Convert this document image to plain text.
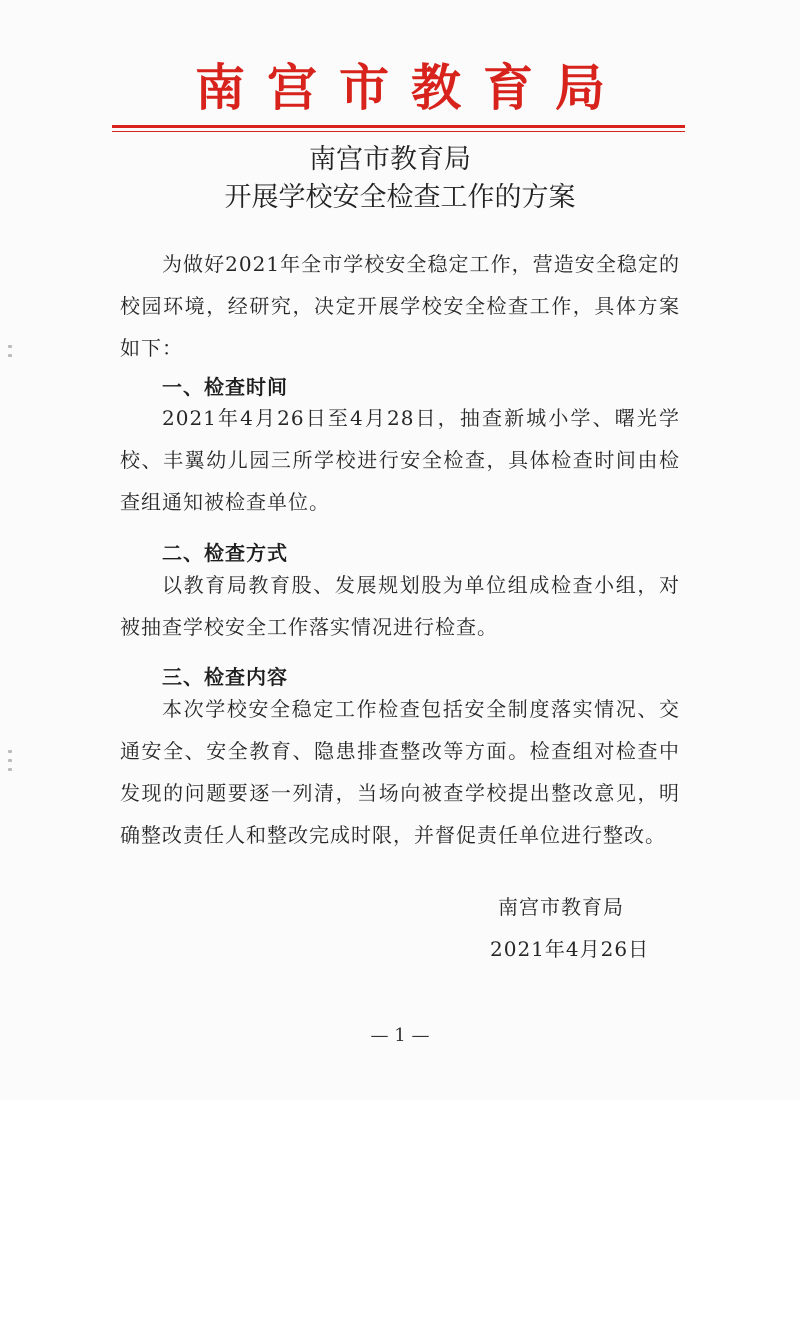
南宫市教育局
南宫市教育局
开展学校安全检查工作的方案
为做好2021年全市学校安全稳定工作，营造安全稳定的校园环境，经研究，决定开展学校安全检查工作，具体方案如下：
一、检查时间
2021年4月26日至4月28日，抽查新城小学、曙光学校、丰翼幼儿园三所学校进行安全检查，具体检查时间由检查组通知被检查单位。
二、检查方式
以教育局教育股、发展规划股为单位组成检查小组，对被抽查学校安全工作落实情况进行检查。
三、检查内容
本次学校安全稳定工作检查包括安全制度落实情况、交通安全、安全教育、隐患排查整改等方面。检查组对检查中发现的问题要逐一列清，当场向被查学校提出整改意见，明确整改责任人和整改完成时限，并督促责任单位进行整改。
南宫市教育局
2021年4月26日
— 1 —
